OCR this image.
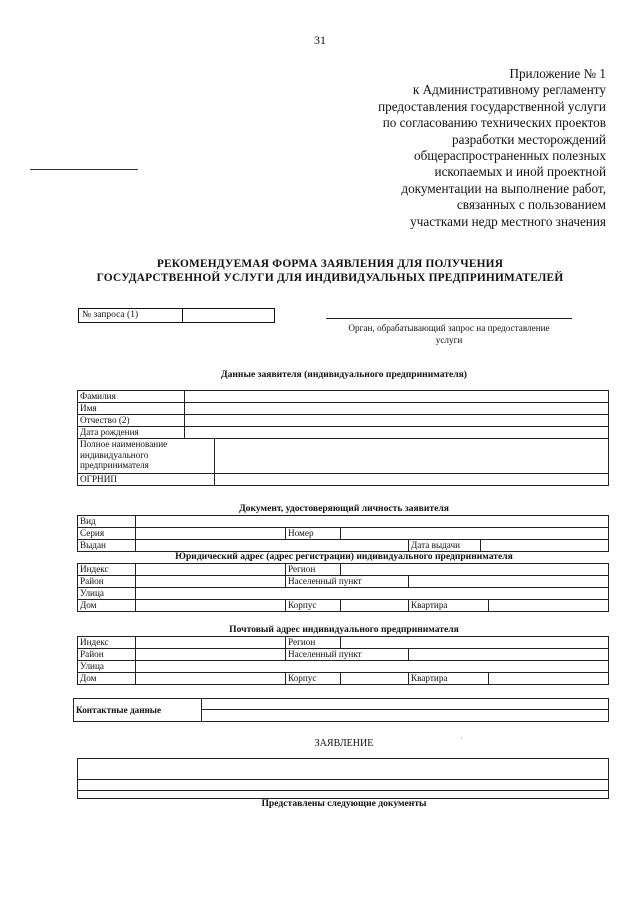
31
Приложение № 1
к Административному регламенту
предоставления государственной услуги
по согласованию технических проектов
разработки месторождений
общераспространенных полезных
ископаемых и иной проектной
документации на выполнение работ,
связанных с пользованием
участками недр местного значения
РЕКОМЕНДУЕМАЯ ФОРМА ЗАЯВЛЕНИЯ ДЛЯ ПОЛУЧЕНИЯ
ГОСУДАРСТВЕННОЙ УСЛУГИ ДЛЯ ИНДИВИДУАЛЬНЫХ ПРЕДПРИНИМАТЕЛЕЙ
№ запроса (1)
Орган, обрабатывающий запрос на предоставление
услуги
Данные заявителя (индивидуального предпринимателя)
Фамилия		
Имя		
Отчество (2)		
Дата рождения		
Полное наименование индивидуального предпринимателя		
ОГРНИП		
Документ, удостоверяющий личность заявителя
Вид					
Серия		Номер			
Выдан				Дата выдачи	
Юридический адрес (адрес регистрации) индивидуального предпринимателя
Индекс		Регион			
Район		Населенный пункт			
Улица					
Дом		Корпус		Квартира	
Почтовый адрес индивидуального предпринимателя
Индекс		Регион			
Район		Населенный пункт			
Улица					
Дом		Корпус		Квартира	
Контактные данные	

ЗАЯВЛЕНИЕ	·

Представлены следующие документы
